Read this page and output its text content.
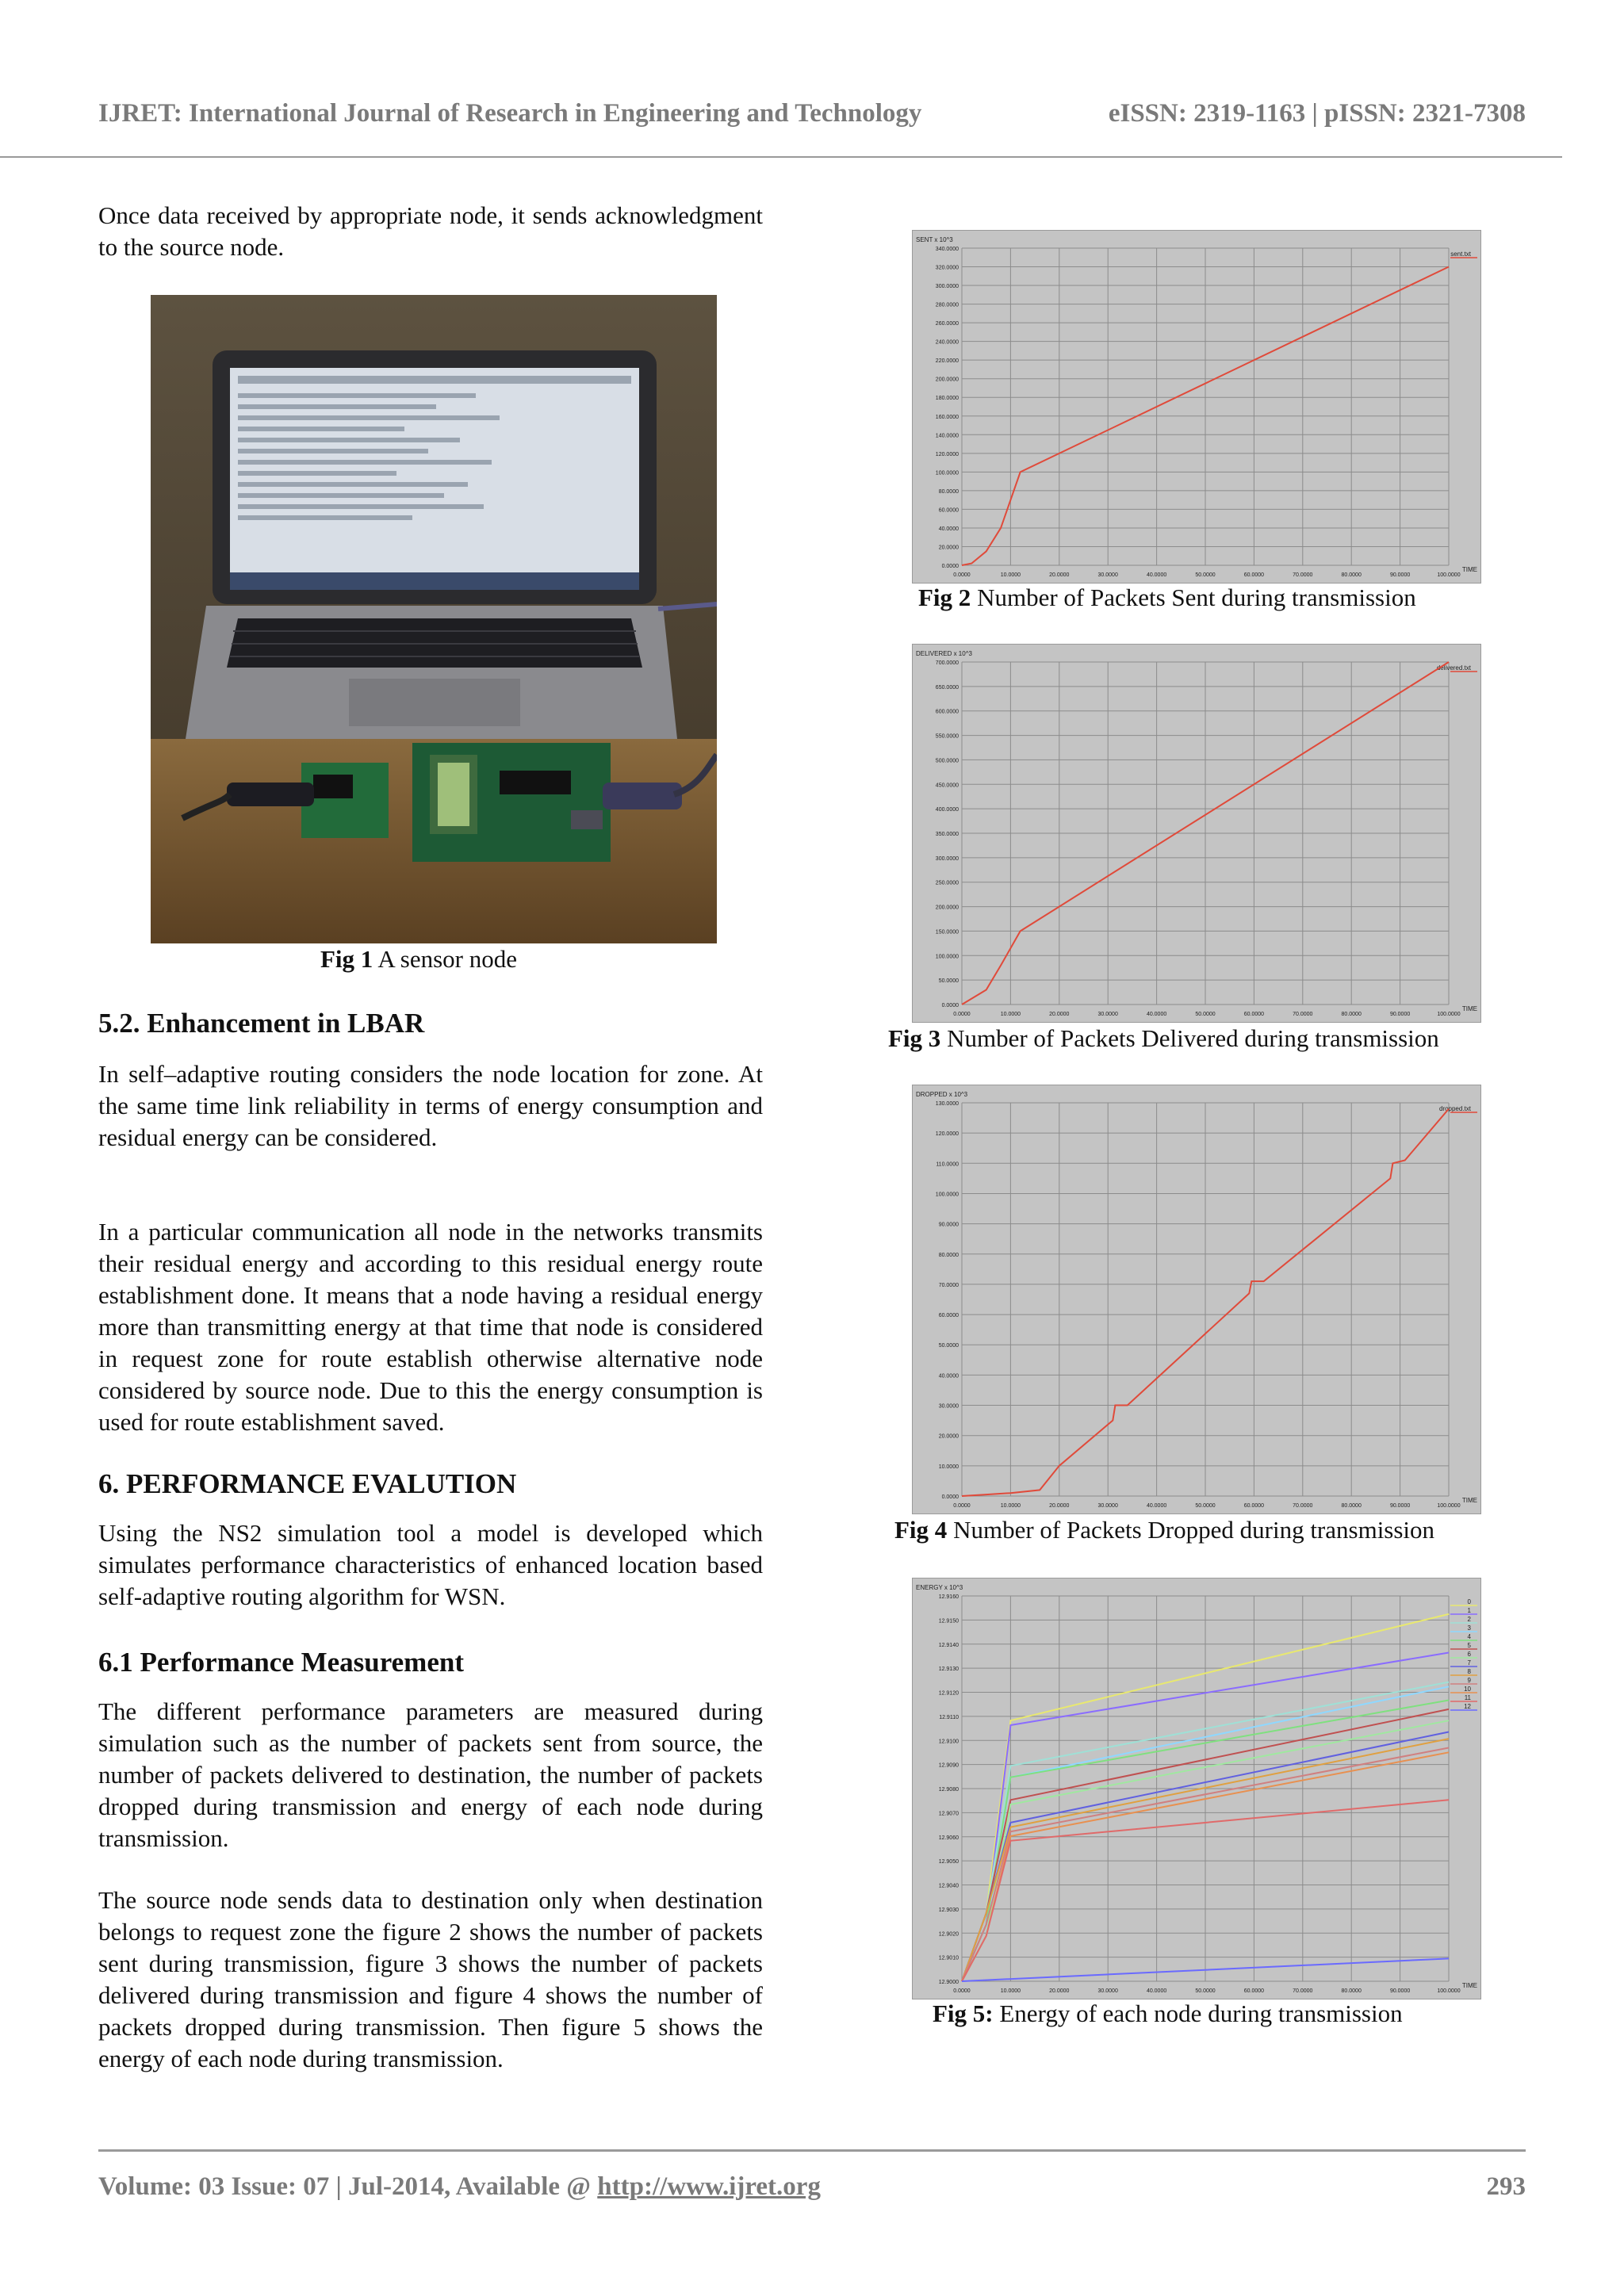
IJRET: International Journal of Research in Engineering and Technology	eISSN: 2319-1163 | pISSN: 2321-7308

Once data received by appropriate node, it sends acknowledgment to the source node.

Fig 1 A sensor node

5.2. Enhancement in LBAR

In self–adaptive routing considers the node location for zone. At the same time link reliability in terms of energy consumption and residual energy can be considered.

In a particular communication all node in the networks transmits their residual energy and according to this residual energy route establishment done. It means that a node having a residual energy more than transmitting energy at that time that node is considered in request zone for route establish otherwise alternative node considered by source node. Due to this the energy consumption is used for route establishment saved.

6. PERFORMANCE EVALUTION

Using the NS2 simulation tool a model is developed which simulates performance characteristics of enhanced location based self-adaptive routing algorithm for WSN.

6.1 Performance Measurement

The different performance parameters are measured during simulation such as the number of packets sent from source, the number of packets delivered to destination, the number of packets dropped during transmission and energy of each node during transmission.

The source node sends data to destination only when destination belongs to request zone the figure 2 shows the number of packets sent during transmission, figure 3 shows the number of packets delivered during transmission and figure 4 shows the number of packets dropped during transmission. Then figure 5 shows the energy of each node during transmission.

SENT x 10^3
TIME
0.0000
20.0000
40.0000
60.0000
80.0000
100.0000
120.0000
140.0000
160.0000
180.0000
200.0000
220.0000
240.0000
260.0000
280.0000
300.0000
320.0000
340.0000
0.0000	10.0000	20.0000	30.0000	40.0000	50.0000	60.0000	70.0000	80.0000	90.0000	100.0000
sent.txt

Fig 2 Number of Packets Sent during transmission

DELIVERED x 10^3
TIME
0.0000
50.0000
100.0000
150.0000
200.0000
250.0000
300.0000
350.0000
400.0000
450.0000
500.0000
550.0000
600.0000
650.0000
700.0000
0.0000	10.0000	20.0000	30.0000	40.0000	50.0000	60.0000	70.0000	80.0000	90.0000	100.0000
delivered.txt

Fig 3 Number of Packets Delivered during transmission

DROPPED x 10^3
TIME
0.0000
10.0000
20.0000
30.0000
40.0000
50.0000
60.0000
70.0000
80.0000
90.0000
100.0000
110.0000
120.0000
130.0000
0.0000	10.0000	20.0000	30.0000	40.0000	50.0000	60.0000	70.0000	80.0000	90.0000	100.0000
dropped.txt

Fig 4 Number of Packets Dropped during transmission

ENERGY x 10^3
TIME
12.9000
12.9010
12.9020
12.9030
12.9040
12.9050
12.9060
12.9070
12.9080
12.9090
12.9100
12.9110
12.9120
12.9130
12.9140
12.9150
12.9160
0.0000	10.0000	20.0000	30.0000	40.0000	50.0000	60.0000	70.0000	80.0000	90.0000	100.0000
0
1
2
3
4
5
6
7
8
9
10
11
12

Fig 5: Energy of each node during transmission

Volume: 03 Issue: 07 | Jul-2014, Available @ http://www.ijret.org	293
